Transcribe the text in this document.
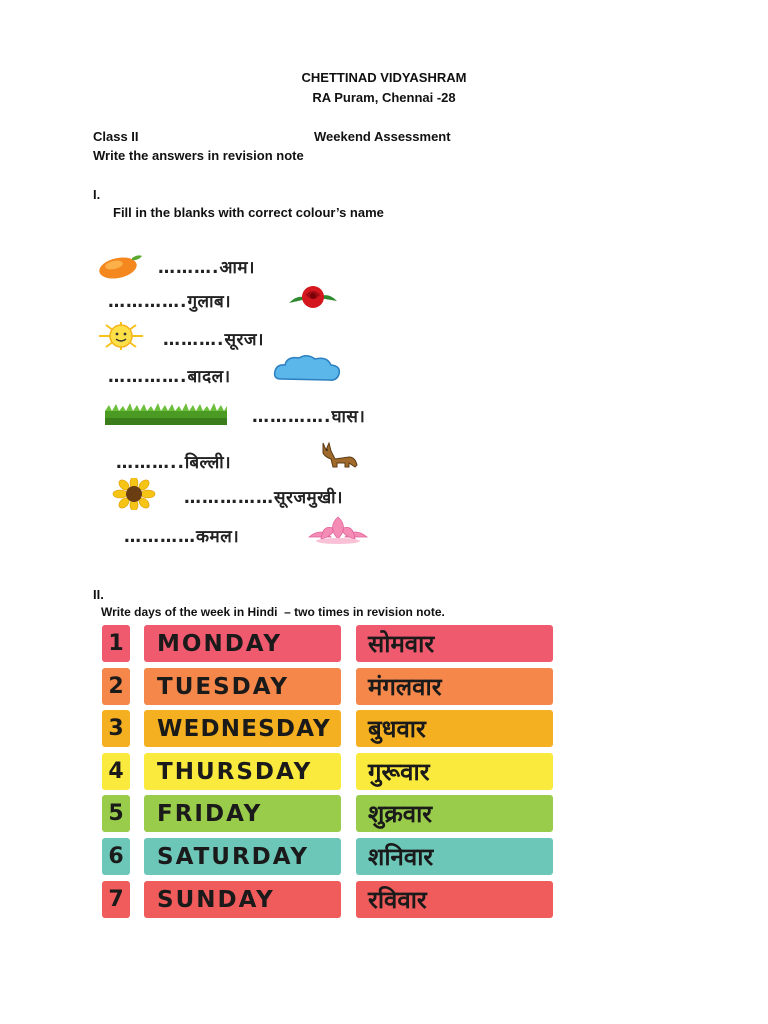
CHETTINAD VIDYASHRAM
RA Puram, Chennai -28
Class II	Weekend Assessment
Write the answers in revision note
I.
Fill in the blanks with correct colour’s name
……….आम।
………….गुलाब।
……….सूरज।
………….बादल।
………….घास।
………..बिल्ली।
……………सूरजमुखी।
…………कमल।
II.
Write days of the week in Hindi  – two times in revision note.
1	MONDAY	सोमवार
2	TUESDAY	मंगलवार
3	WEDNESDAY	बुधवार
4	THURSDAY	गुरूवार
5	FRIDAY	शुक्रवार
6	SATURDAY	शनिवार
7	SUNDAY	रविवार
